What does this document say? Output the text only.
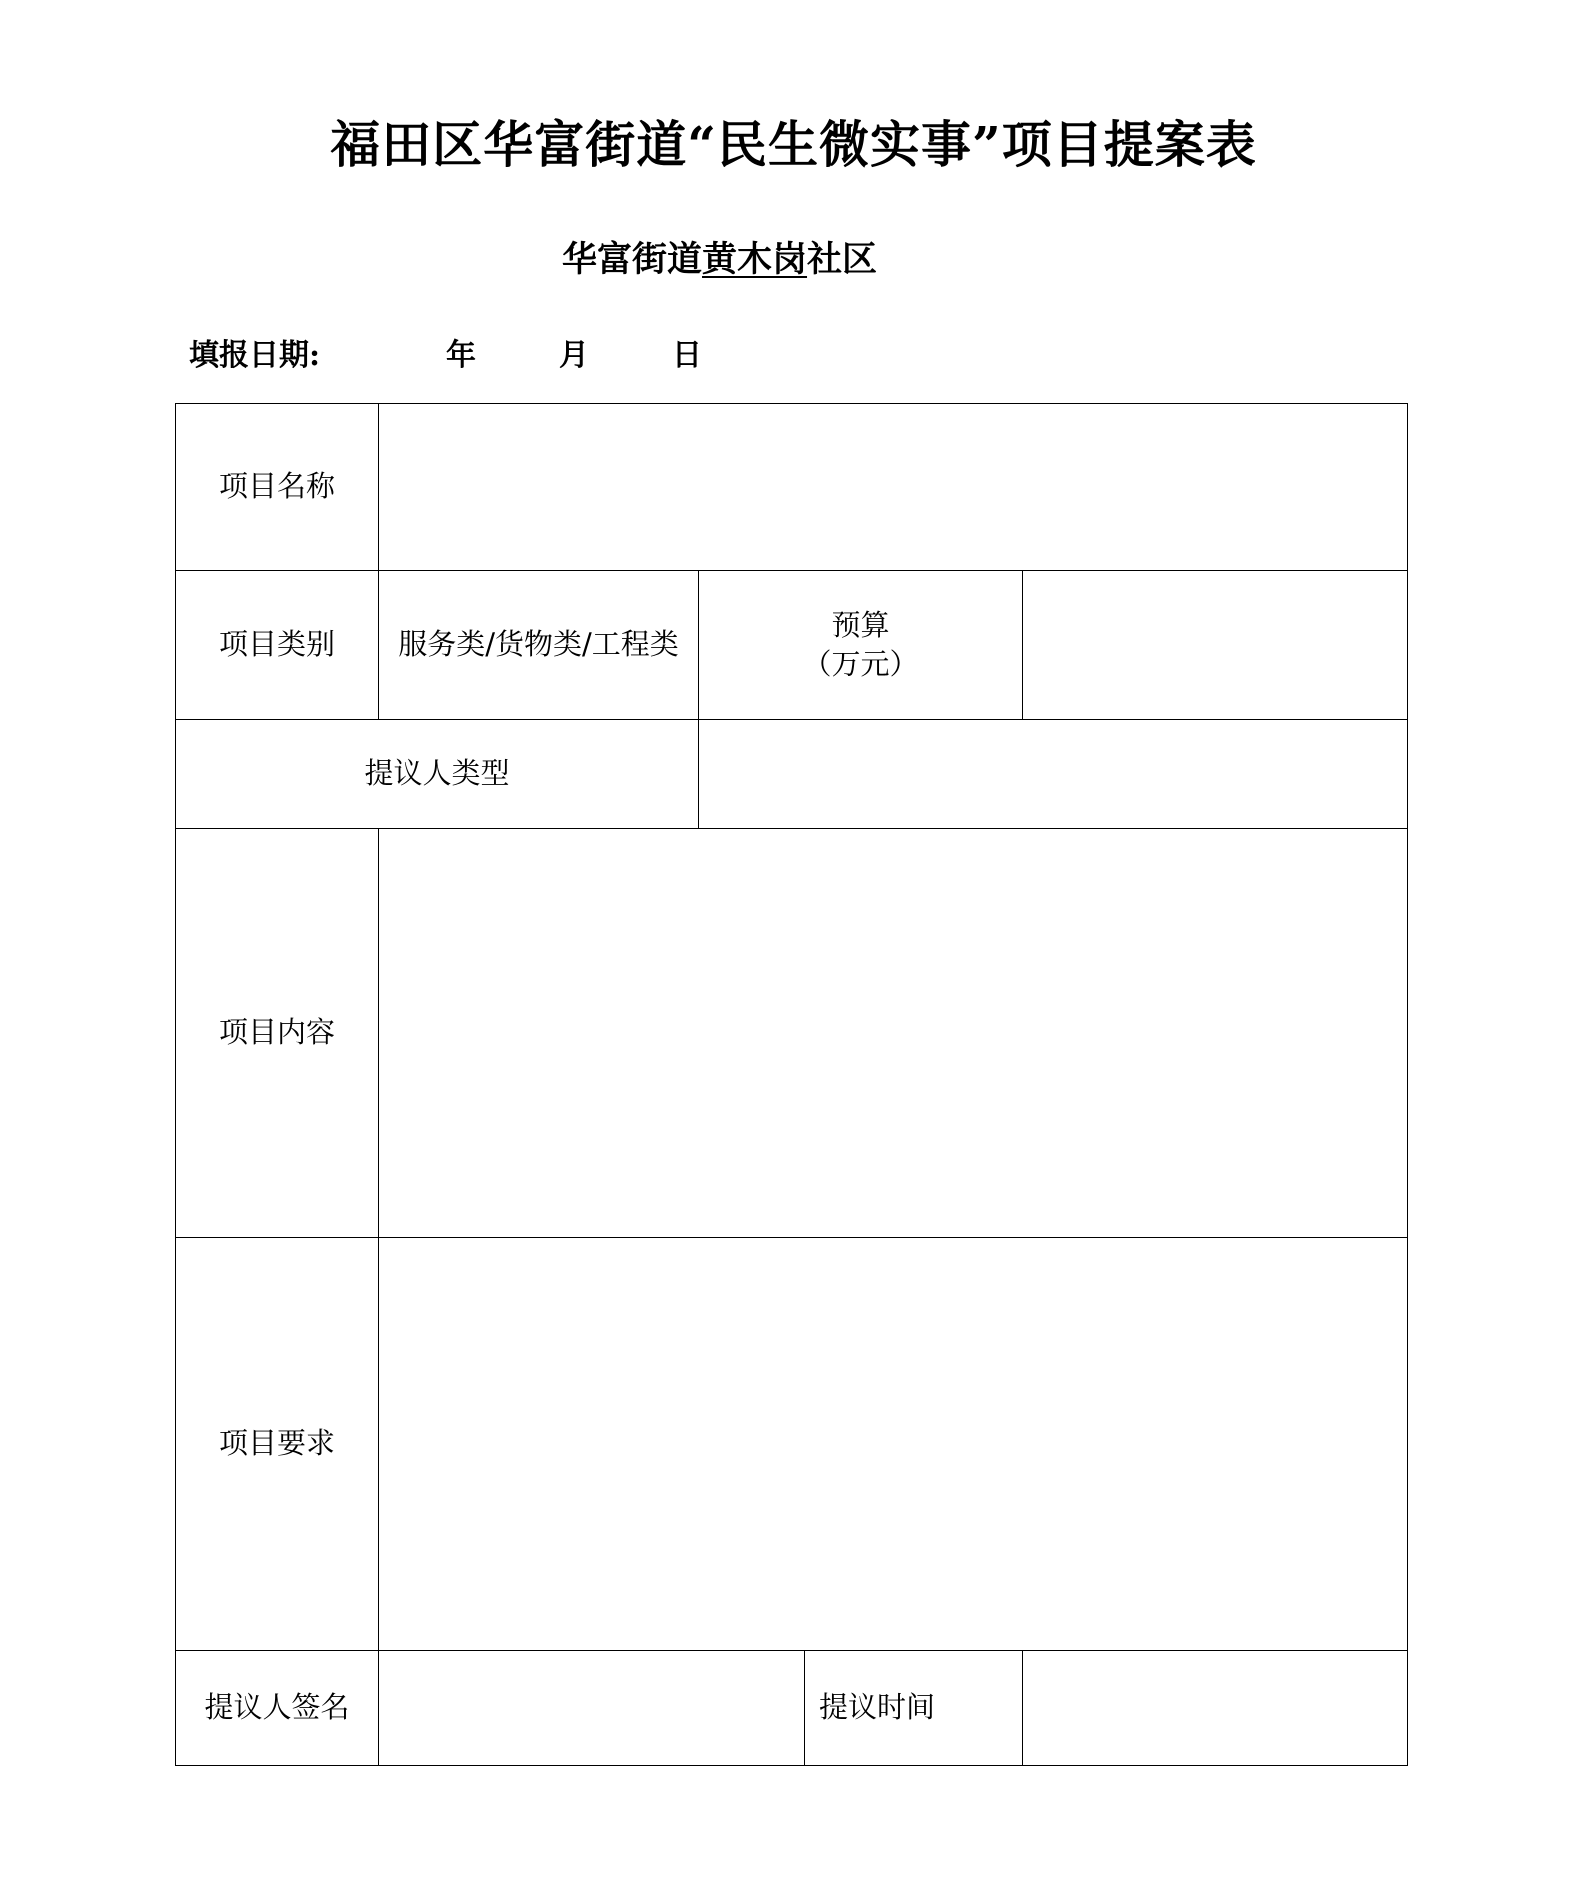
福田区华富街道“民生微实事”项目提案表
华富街道黄木岗社区
填报日期:	年	月	日
项目名称				
项目类别	服务类/货物类/工程类	预算
（万元）		

提议人类型				
项目内容				
项目要求				
提议人签名			提议时间	
